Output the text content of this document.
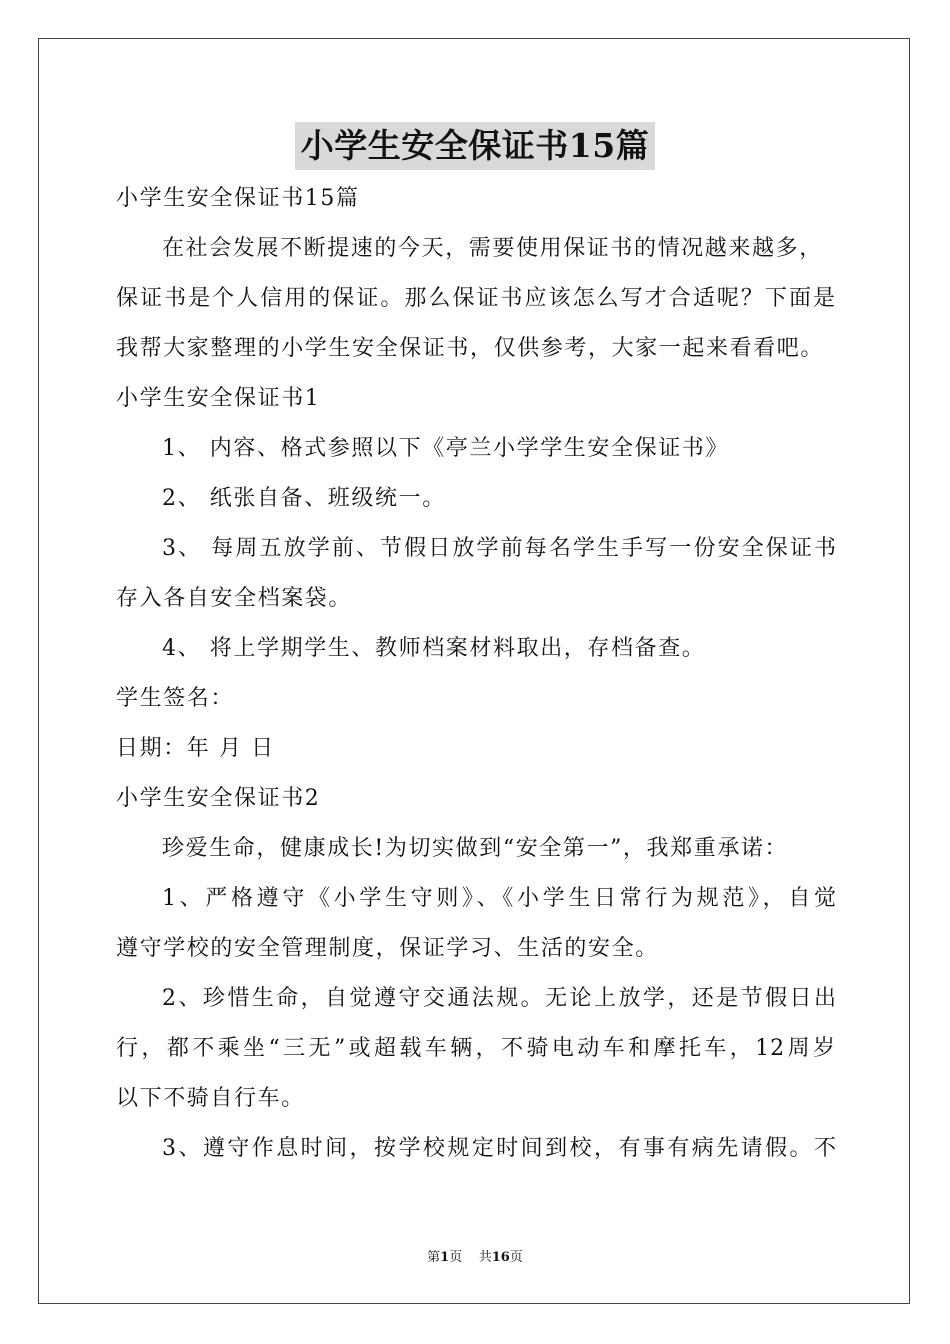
小学生安全保证书15篇
小学生安全保证书15篇
在社会发展不断提速的今天，需要使用保证书的情况越来越多，
保证书是个人信用的保证。那么保证书应该怎么写才合适呢？下面是
我帮大家整理的小学生安全保证书，仅供参考，大家一起来看看吧。
小学生安全保证书1
1、 内容、格式参照以下《亭兰小学学生安全保证书》
2、 纸张自备、班级统一。
3、 每周五放学前、节假日放学前每名学生手写一份安全保证书
存入各自安全档案袋。
4、 将上学期学生、教师档案材料取出，存档备查。
学生签名：
日期：年 月 日
小学生安全保证书2
珍爱生命，健康成长!为切实做到“安全第一”，我郑重承诺：
1、严格遵守《小学生守则》、《小学生日常行为规范》，自觉
遵守学校的安全管理制度，保证学习、生活的安全。
2、珍惜生命，自觉遵守交通法规。无论上放学，还是节假日出
行，都不乘坐“三无”或超载车辆，不骑电动车和摩托车，12周岁
以下不骑自行车。
3、遵守作息时间，按学校规定时间到校，有事有病先请假。不
第1页    共16页
